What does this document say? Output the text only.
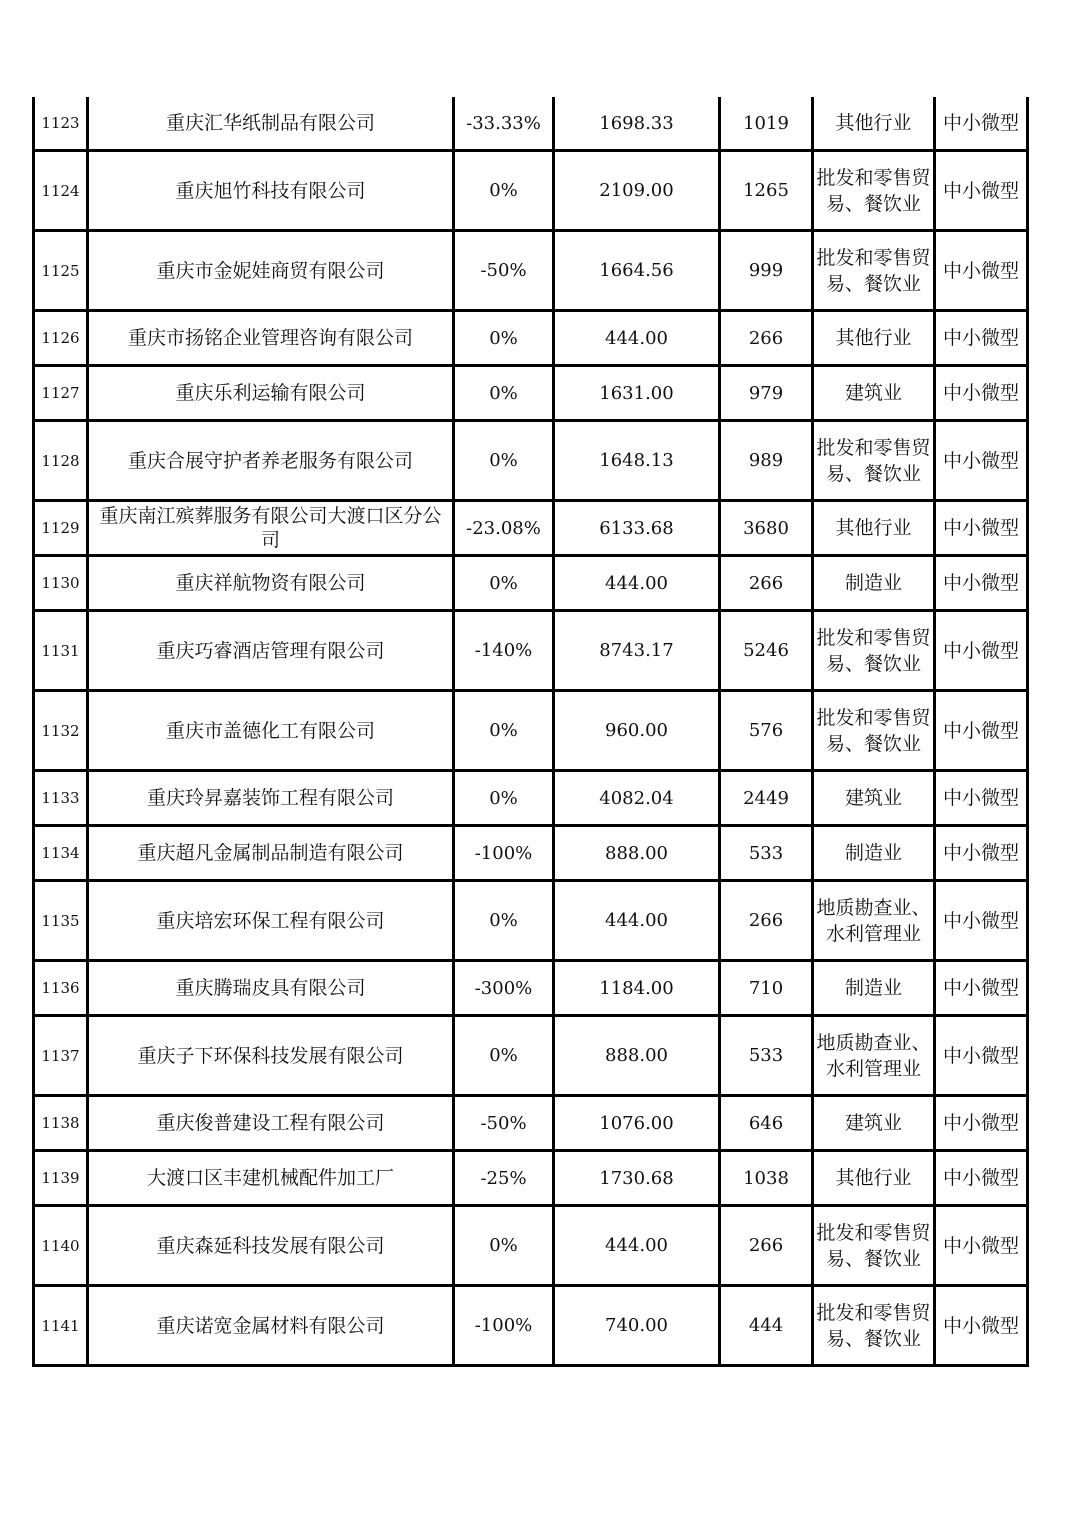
1123	重庆汇华纸制品有限公司	-33.33%	1698.33	1019	其他行业	中小微型
1124	重庆旭竹科技有限公司	0%	2109.00	1265	批发和零售贸易、餐饮业	中小微型
1125	重庆市金妮娃商贸有限公司	-50%	1664.56	999	批发和零售贸易、餐饮业	中小微型
1126	重庆市扬铭企业管理咨询有限公司	0%	444.00	266	其他行业	中小微型
1127	重庆乐利运输有限公司	0%	1631.00	979	建筑业	中小微型
1128	重庆合展守护者养老服务有限公司	0%	1648.13	989	批发和零售贸易、餐饮业	中小微型
1129	重庆南江殡葬服务有限公司大渡口区分公司	-23.08%	6133.68	3680	其他行业	中小微型
1130	重庆祥航物资有限公司	0%	444.00	266	制造业	中小微型
1131	重庆巧睿酒店管理有限公司	-140%	8743.17	5246	批发和零售贸易、餐饮业	中小微型
1132	重庆市盖德化工有限公司	0%	960.00	576	批发和零售贸易、餐饮业	中小微型
1133	重庆玲昇嘉装饰工程有限公司	0%	4082.04	2449	建筑业	中小微型
1134	重庆超凡金属制品制造有限公司	-100%	888.00	533	制造业	中小微型
1135	重庆培宏环保工程有限公司	0%	444.00	266	地质勘查业、水利管理业	中小微型
1136	重庆腾瑞皮具有限公司	-300%	1184.00	710	制造业	中小微型
1137	重庆子下环保科技发展有限公司	0%	888.00	533	地质勘查业、水利管理业	中小微型
1138	重庆俊普建设工程有限公司	-50%	1076.00	646	建筑业	中小微型
1139	大渡口区丰建机械配件加工厂	-25%	1730.68	1038	其他行业	中小微型
1140	重庆森延科技发展有限公司	0%	444.00	266	批发和零售贸易、餐饮业	中小微型
1141	重庆诺宽金属材料有限公司	-100%	740.00	444	批发和零售贸易、餐饮业	中小微型
